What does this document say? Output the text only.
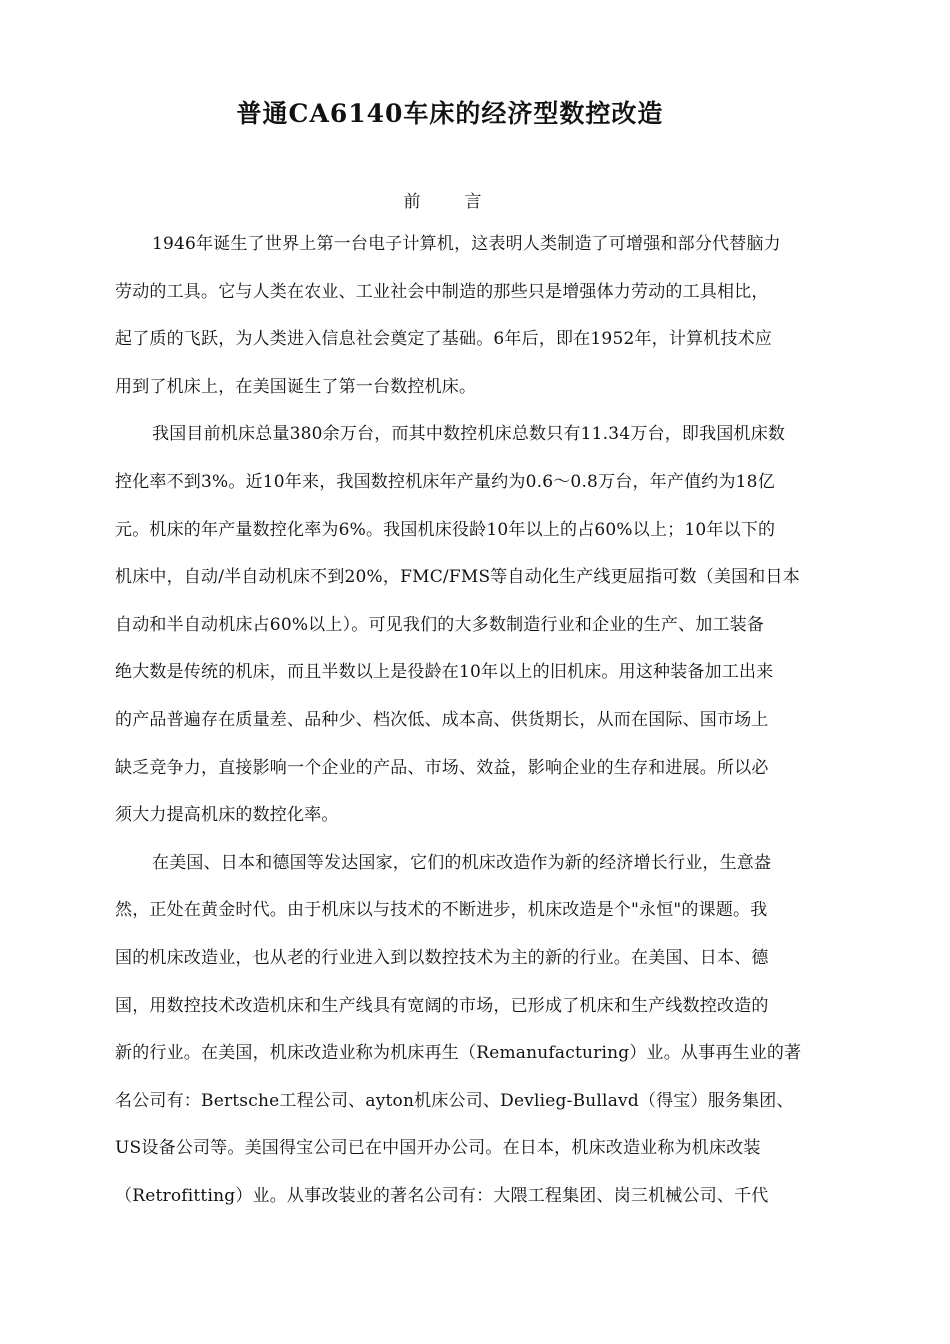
普通CA6140车床的经济型数控改造
前	言
1946年诞生了世界上第一台电子计算机，这表明人类制造了可增强和部分代替脑力
劳动的工具。它与人类在农业、工业社会中制造的那些只是增强体力劳动的工具相比，
起了质的飞跃，为人类进入信息社会奠定了基础。6年后，即在1952年，计算机技术应
用到了机床上，在美国诞生了第一台数控机床。
我国目前机床总量380余万台，而其中数控机床总数只有11.34万台，即我国机床数
控化率不到3%。近10年来，我国数控机床年产量约为0.6～0.8万台，年产值约为18亿
元。机床的年产量数控化率为6%。我国机床役龄10年以上的占60%以上；10年以下的
机床中，自动/半自动机床不到20%，FMC/FMS等自动化生产线更屈指可数（美国和日本
自动和半自动机床占60%以上）。可见我们的大多数制造行业和企业的生产、加工装备
绝大数是传统的机床，而且半数以上是役龄在10年以上的旧机床。用这种装备加工出来
的产品普遍存在质量差、品种少、档次低、成本高、供货期长，从而在国际、国市场上
缺乏竞争力，直接影响一个企业的产品、市场、效益，影响企业的生存和进展。所以必
须大力提高机床的数控化率。
在美国、日本和德国等发达国家，它们的机床改造作为新的经济增长行业，生意盎
然，正处在黄金时代。由于机床以与技术的不断进步，机床改造是个"永恒"的课题。我
国的机床改造业，也从老的行业进入到以数控技术为主的新的行业。在美国、日本、德
国，用数控技术改造机床和生产线具有宽阔的市场，已形成了机床和生产线数控改造的
新的行业。在美国，机床改造业称为机床再生（Remanufacturing）业。从事再生业的著
名公司有：Bertsche工程公司、ayton机床公司、Devlieg-Bullavd（得宝）服务集团、
US设备公司等。美国得宝公司已在中国开办公司。在日本，机床改造业称为机床改装
（Retrofitting）业。从事改装业的著名公司有：大隈工程集团、岗三机械公司、千代
